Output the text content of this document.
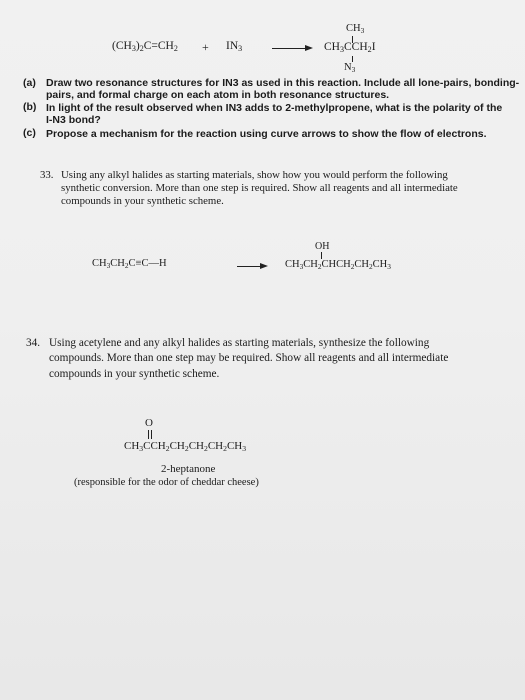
$(CH_3)_2C=CH_2 + IN_3$
$CH_3$
$CH_3CCH_2I$
$N_3$
(a) Draw two resonance structures for IN3 as used in this reaction. Include all lone-pairs, bonding-
pairs, and formal charge on each atom in both resonance structures.
(b) In light of the result observed when IN3 adds to 2-methylpropene, what is the polarity of the
I-N3 bond?
(c) Propose a mechanism for the reaction using curve arrows to show the flow of electrons.
33. Using any alkyl halides as starting materials, show how you would perform the following
synthetic conversion. More than one step is required. Show all reagents and all intermediate
compounds in your synthetic scheme.
$CH_3CH_2C\equiv C—H$
OH
$CH_3CH_2CHCH_2CH_2CH_3$
34. Using acetylene and any alkyl halides as starting materials, synthesize the following
compounds. More than one step may be required. Show all reagents and all intermediate
compounds in your synthetic scheme.
O
$CH_3CCH_2CH_2CH_2CH_2CH_3$
2-heptanone
(responsible for the odor of cheddar cheese)
